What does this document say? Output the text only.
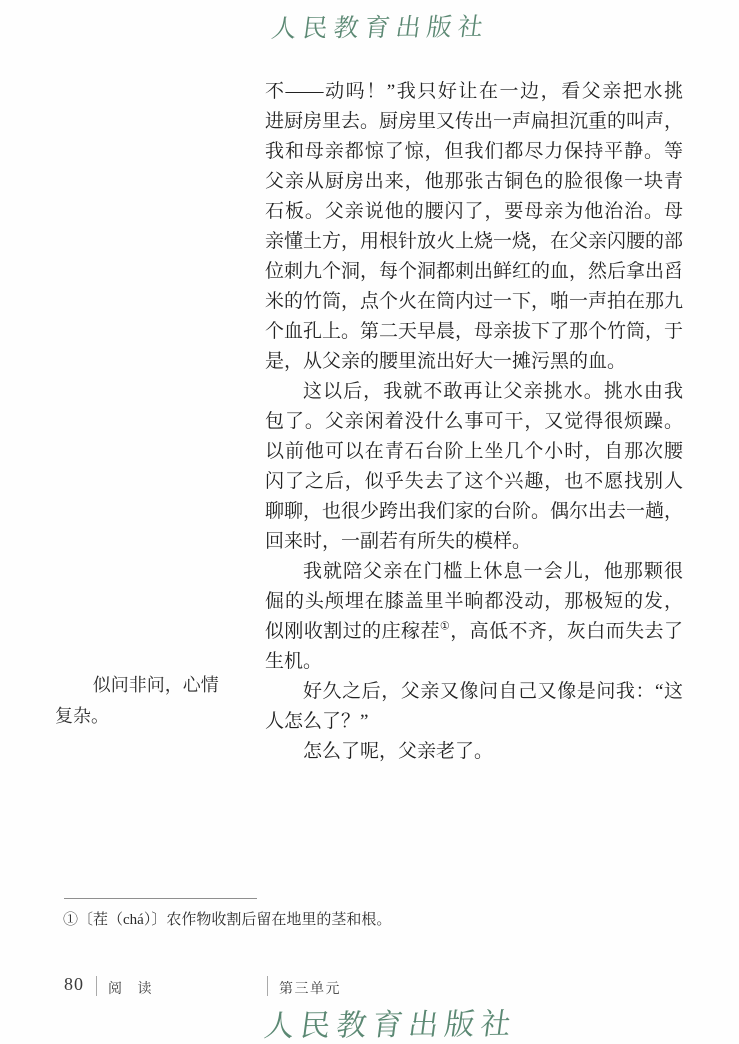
人民教育出版社
不——动吗！”我只好让在一边，看父亲把水挑
进厨房里去。厨房里又传出一声扁担沉重的叫声，
我和母亲都惊了惊，但我们都尽力保持平静。等
父亲从厨房出来，他那张古铜色的脸很像一块青
石板。父亲说他的腰闪了，要母亲为他治治。母
亲懂土方，用根针放火上烧一烧，在父亲闪腰的部
位刺九个洞，每个洞都刺出鲜红的血，然后拿出舀
米的竹筒，点个火在筒内过一下，啪一声拍在那九
个血孔上。第二天早晨，母亲拔下了那个竹筒，于
是，从父亲的腰里流出好大一摊污黑的血。
这以后，我就不敢再让父亲挑水。挑水由我
包了。父亲闲着没什么事可干，又觉得很烦躁。
以前他可以在青石台阶上坐几个小时，自那次腰
闪了之后，似乎失去了这个兴趣，也不愿找别人
聊聊，也很少跨出我们家的台阶。偶尔出去一趟，
回来时，一副若有所失的模样。
我就陪父亲在门槛上休息一会儿，他那颗很
倔的头颅埋在膝盖里半晌都没动，那极短的发，
似刚收割过的庄稼茬①，高低不齐，灰白而失去了
生机。
好久之后，父亲又像问自己又像是问我：“这
人怎么了？”
怎么了呢，父亲老了。
似问非问，心情
复杂。
①〔茬（chá）〕农作物收割后留在地里的茎和根。
80 阅 读	第三单元
人民教育出版社
